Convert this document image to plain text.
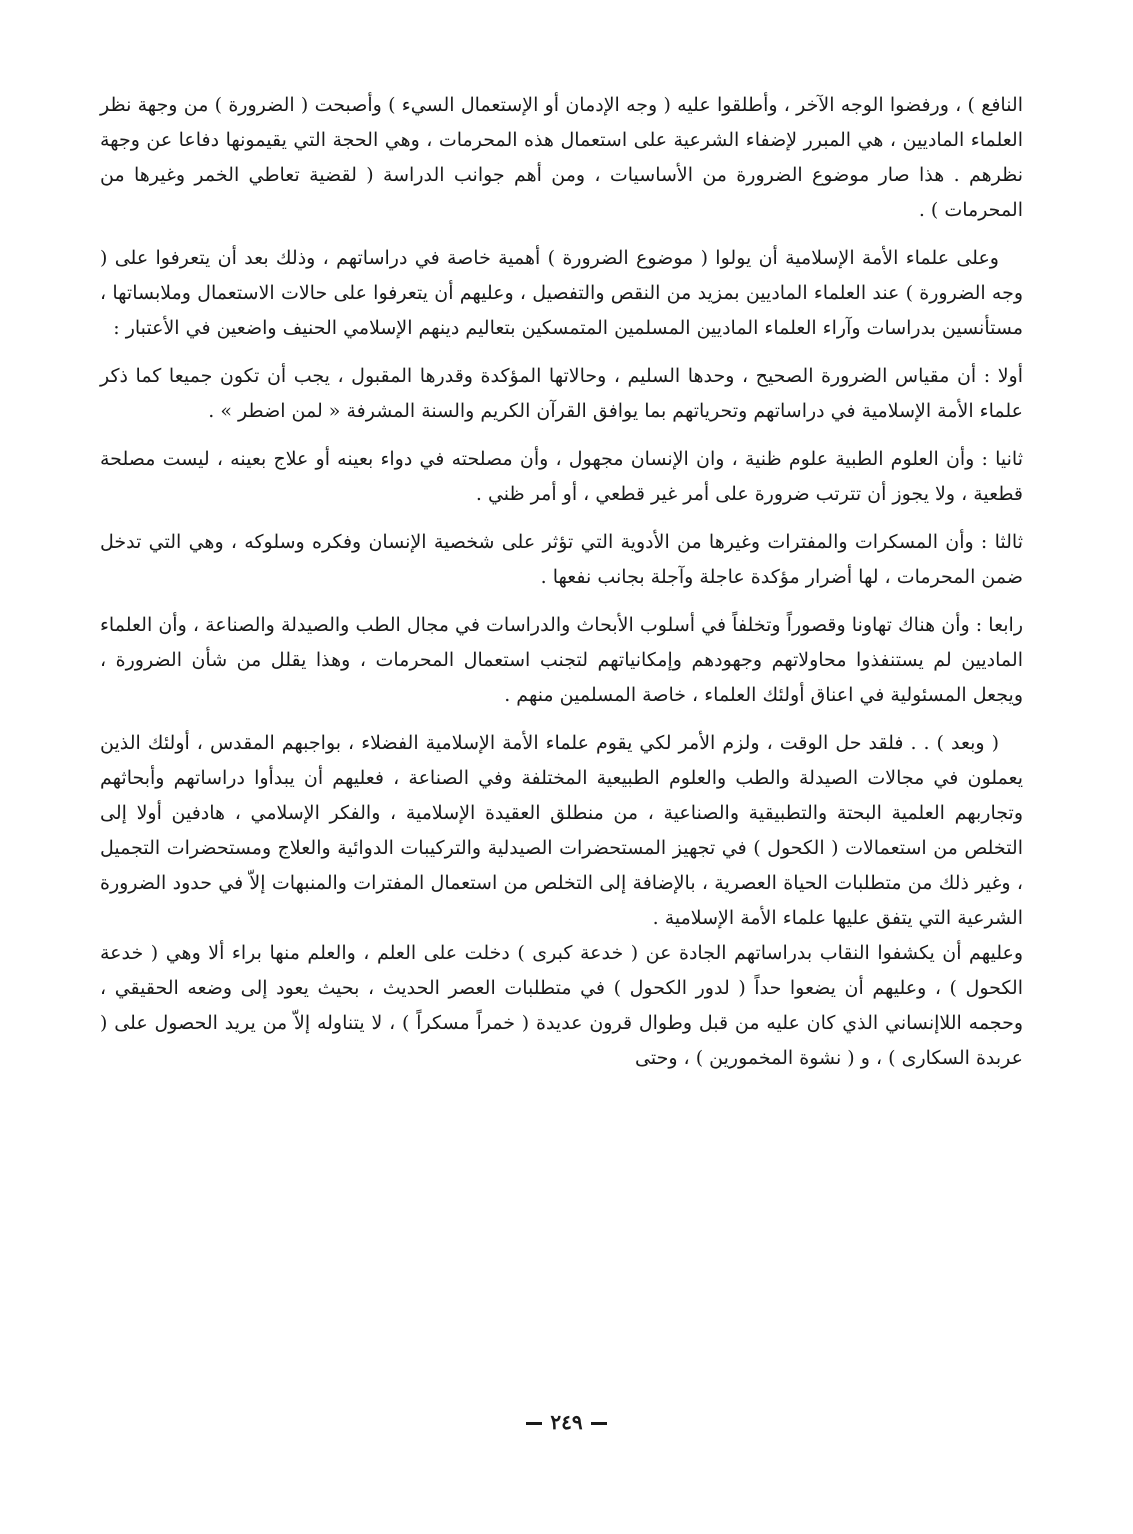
النافع ) ، ورفضوا الوجه الآخر ، وأطلقوا عليه ( وجه الإدمان أو الإستعمال السيء ) وأصبحت ( الضرورة ) من وجهة نظر العلماء الماديين ، هي المبرر لإضفاء الشرعية على استعمال هذه المحرمات ، وهي الحجة التي يقيمونها دفاعا عن وجهة نظرهم . هذا صار موضوع الضرورة من الأساسيات ، ومن أهم جوانب الدراسة ( لقضية تعاطي الخمر وغيرها من المحرمات ) .

وعلى علماء الأمة الإسلامية أن يولوا ( موضوع الضرورة ) أهمية خاصة في دراساتهم ، وذلك بعد أن يتعرفوا على ( وجه الضرورة ) عند العلماء الماديين بمزيد من النقص والتفصيل ، وعليهم أن يتعرفوا على حالات الاستعمال وملابساتها ، مستأنسين بدراسات وآراء العلماء الماديين المسلمين المتمسكين بتعاليم دينهم الإسلامي الحنيف واضعين في الأعتبار :

أولا : أن مقياس الضرورة الصحيح ، وحدها السليم ، وحالاتها المؤكدة وقدرها المقبول ، يجب أن تكون جميعا كما ذكر علماء الأمة الإسلامية في دراساتهم وتحرياتهم بما يوافق القرآن الكريم والسنة المشرفة « لمن اضطر » .

ثانيا : وأن العلوم الطبية علوم ظنية ، وان الإنسان مجهول ، وأن مصلحته في دواء بعينه أو علاج بعينه ، ليست مصلحة قطعية ، ولا يجوز أن تترتب ضرورة على أمر غير قطعي ، أو أمر ظني .

ثالثا : وأن المسكرات والمفترات وغيرها من الأدوية التي تؤثر على شخصية الإنسان وفكره وسلوكه ، وهي التي تدخل ضمن المحرمات ، لها أضرار مؤكدة عاجلة وآجلة بجانب نفعها .

رابعا : وأن هناك تهاونا وقصوراً وتخلفاً في أسلوب الأبحاث والدراسات في مجال الطب والصيدلة والصناعة ، وأن العلماء الماديين لم يستنفذوا محاولاتهم وجهودهم وإمكانياتهم لتجنب استعمال المحرمات ، وهذا يقلل من شأن الضرورة ، ويجعل المسئولية في اعناق أولئك العلماء ، خاصة المسلمين منهم .

( وبعد ) . . فلقد حل الوقت ، ولزم الأمر لكي يقوم علماء الأمة الإسلامية الفضلاء ، بواجبهم المقدس ، أولئك الذين يعملون في مجالات الصيدلة والطب والعلوم الطبيعية المختلفة وفي الصناعة ، فعليهم أن يبدأوا دراساتهم وأبحاثهم وتجاربهم العلمية البحتة والتطبيقية والصناعية ، من منطلق العقيدة الإسلامية ، والفكر الإسلامي ، هادفين أولا إلى التخلص من استعمالات ( الكحول ) في تجهيز المستحضرات الصيدلية والتركيبات الدوائية والعلاج ومستحضرات التجميل ، وغير ذلك من متطلبات الحياة العصرية ، بالإضافة إلى التخلص من استعمال المفترات والمنبهات إلاّ في حدود الضرورة الشرعية التي يتفق عليها علماء الأمة الإسلامية .

وعليهم أن يكشفوا النقاب بدراساتهم الجادة عن ( خدعة كبرى ) دخلت على العلم ، والعلم منها براء ألا وهي ( خدعة الكحول ) ، وعليهم أن يضعوا حداً ( لدور الكحول ) في متطلبات العصر الحديث ، بحيث يعود إلى وضعه الحقيقي ، وحجمه اللاإنساني الذي كان عليه من قبل وطوال قرون عديدة ( خمراً مسكراً ) ، لا يتناوله إلاّ من يريد الحصول على ( عربدة السكارى ) ، و ( نشوة المخمورين ) ، وحتى

٢٤٩
